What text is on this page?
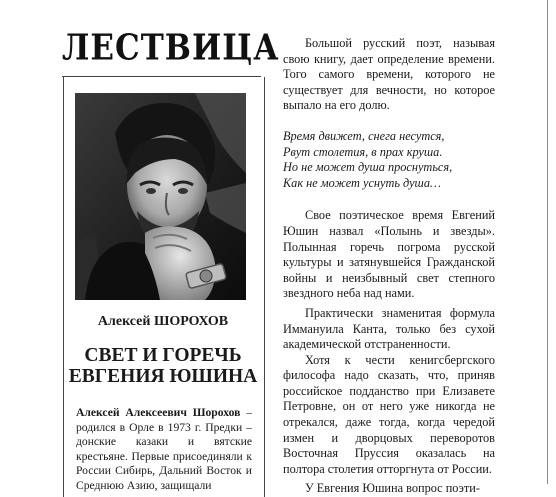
ЛЕСТВИЦА
Алексей ШОРОХОВ
СВЕТ И ГОРЕЧЬ
ЕВГЕНИЯ ЮШИНА

Алексей Алексеевич Шорохов – родился в Орле в 1973 г. Предки – донские казаки и вятские крестьяне. Первые присоединяли к России Сибирь, Дальний Восток и Среднюю Азию, защищали

Большой русский поэт, называя свою книгу, дает определение времени. Того самого времени, которого не существует для вечности, но которое выпало на его долю.

Время движет, снега несутся,
Рвут столетия, в прах круша.
Но не может душа проснуться,
Как не может уснуть душа…

Свое поэтическое время Евгений Юшин назвал «Полынь и звезды». Полынная горечь погрома русской культуры и затянувшейся Гражданской войны и неизбывный свет степного звездного неба над нами.

Практически знаменитая формула Иммануила Канта, только без сухой академической отстраненности.

Хотя к чести кенигсбергского философа надо сказать, что, приняв российское подданство при Елизавете Петровне, он от него уже никогда не отрекался, даже тогда, когда чередой измен и дворцовых переворотов Восточная Пруссия оказалась на полтора столетия отторгнута от России.

У Евгения Юшина вопрос поэти-
